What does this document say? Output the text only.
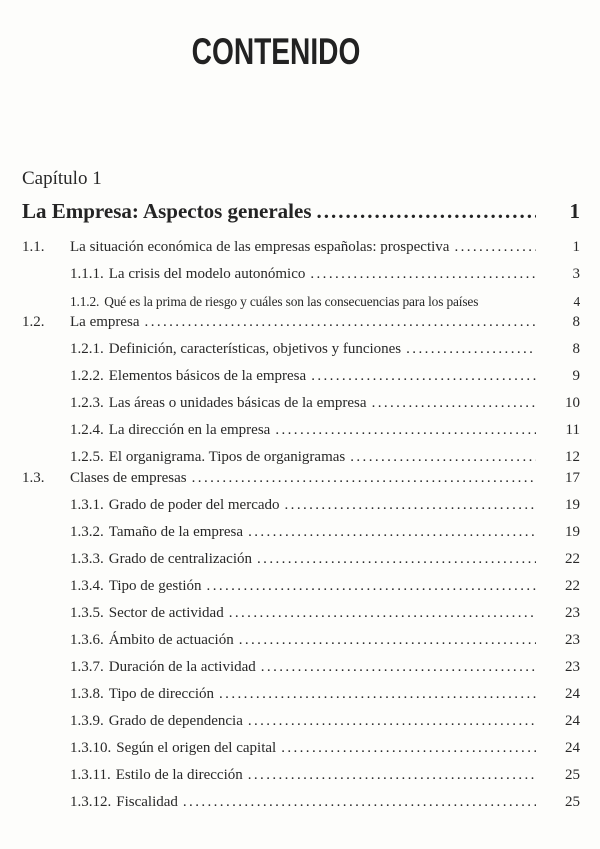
CONTENIDO
Capítulo 1
La Empresa: Aspectos generales .....	1
1.1.	La situación económica de las empresas españolas: prospectiva .....	1
1.1.1. La crisis del modelo autonómico .....	3
1.1.2. Qué es la prima de riesgo y cuáles son las consecuencias para los países	4
1.2.	La empresa .....	8
1.2.1. Definición, características, objetivos y funciones .....	8
1.2.2. Elementos básicos de la empresa .....	9
1.2.3. Las áreas o unidades básicas de la empresa .....	10
1.2.4. La dirección en la empresa .....	11
1.2.5. El organigrama. Tipos de organigramas .....	12
1.3.	Clases de empresas .....	17
1.3.1. Grado de poder del mercado .....	19
1.3.2. Tamaño de la empresa .....	19
1.3.3. Grado de centralización .....	22
1.3.4. Tipo de gestión .....	22
1.3.5. Sector de actividad .....	23
1.3.6. Ámbito de actuación .....	23
1.3.7. Duración de la actividad .....	23
1.3.8. Tipo de dirección .....	24
1.3.9. Grado de dependencia .....	24
1.3.10. Según el origen del capital .....	24
1.3.11. Estilo de la dirección .....	25
1.3.12. Fiscalidad .....	25
